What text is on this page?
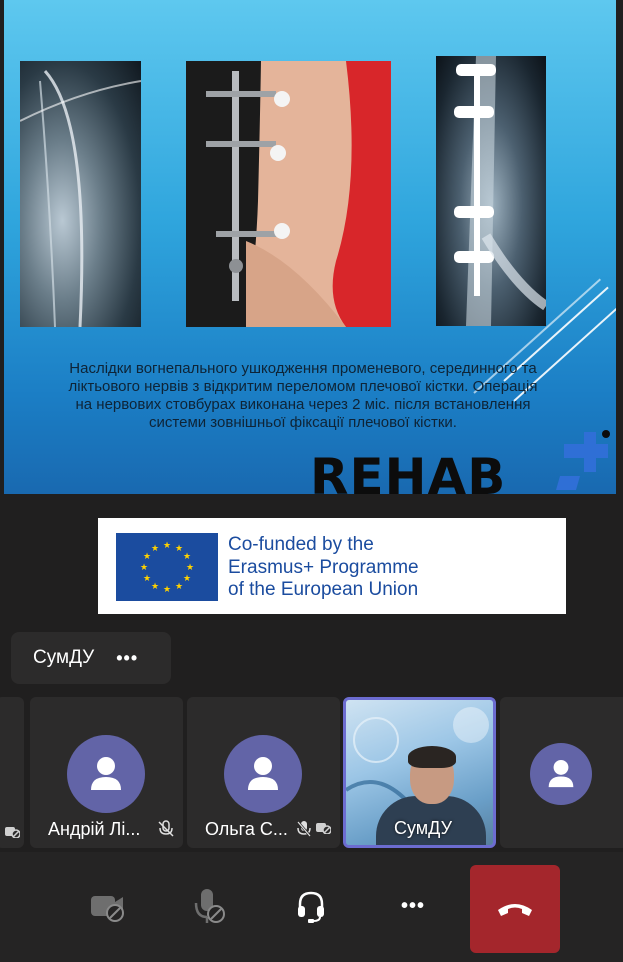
Наслідки вогнепального ушкодження променевого, серединного та ліктьового нервів з відкритим переломом плечової кістки. Операція на нервових стовбурах виконана через 2 міс. після встановлення системи зовнішньої фіксації плечової кістки.
REHAB
★ ★
★
★
★
★
★
★
★
★
★
★	Co-funded by the
Erasmus+ Programme
of the European Union
СумДУ •••
Андрій Лі...	Ольга С...	СумДУ
•••
